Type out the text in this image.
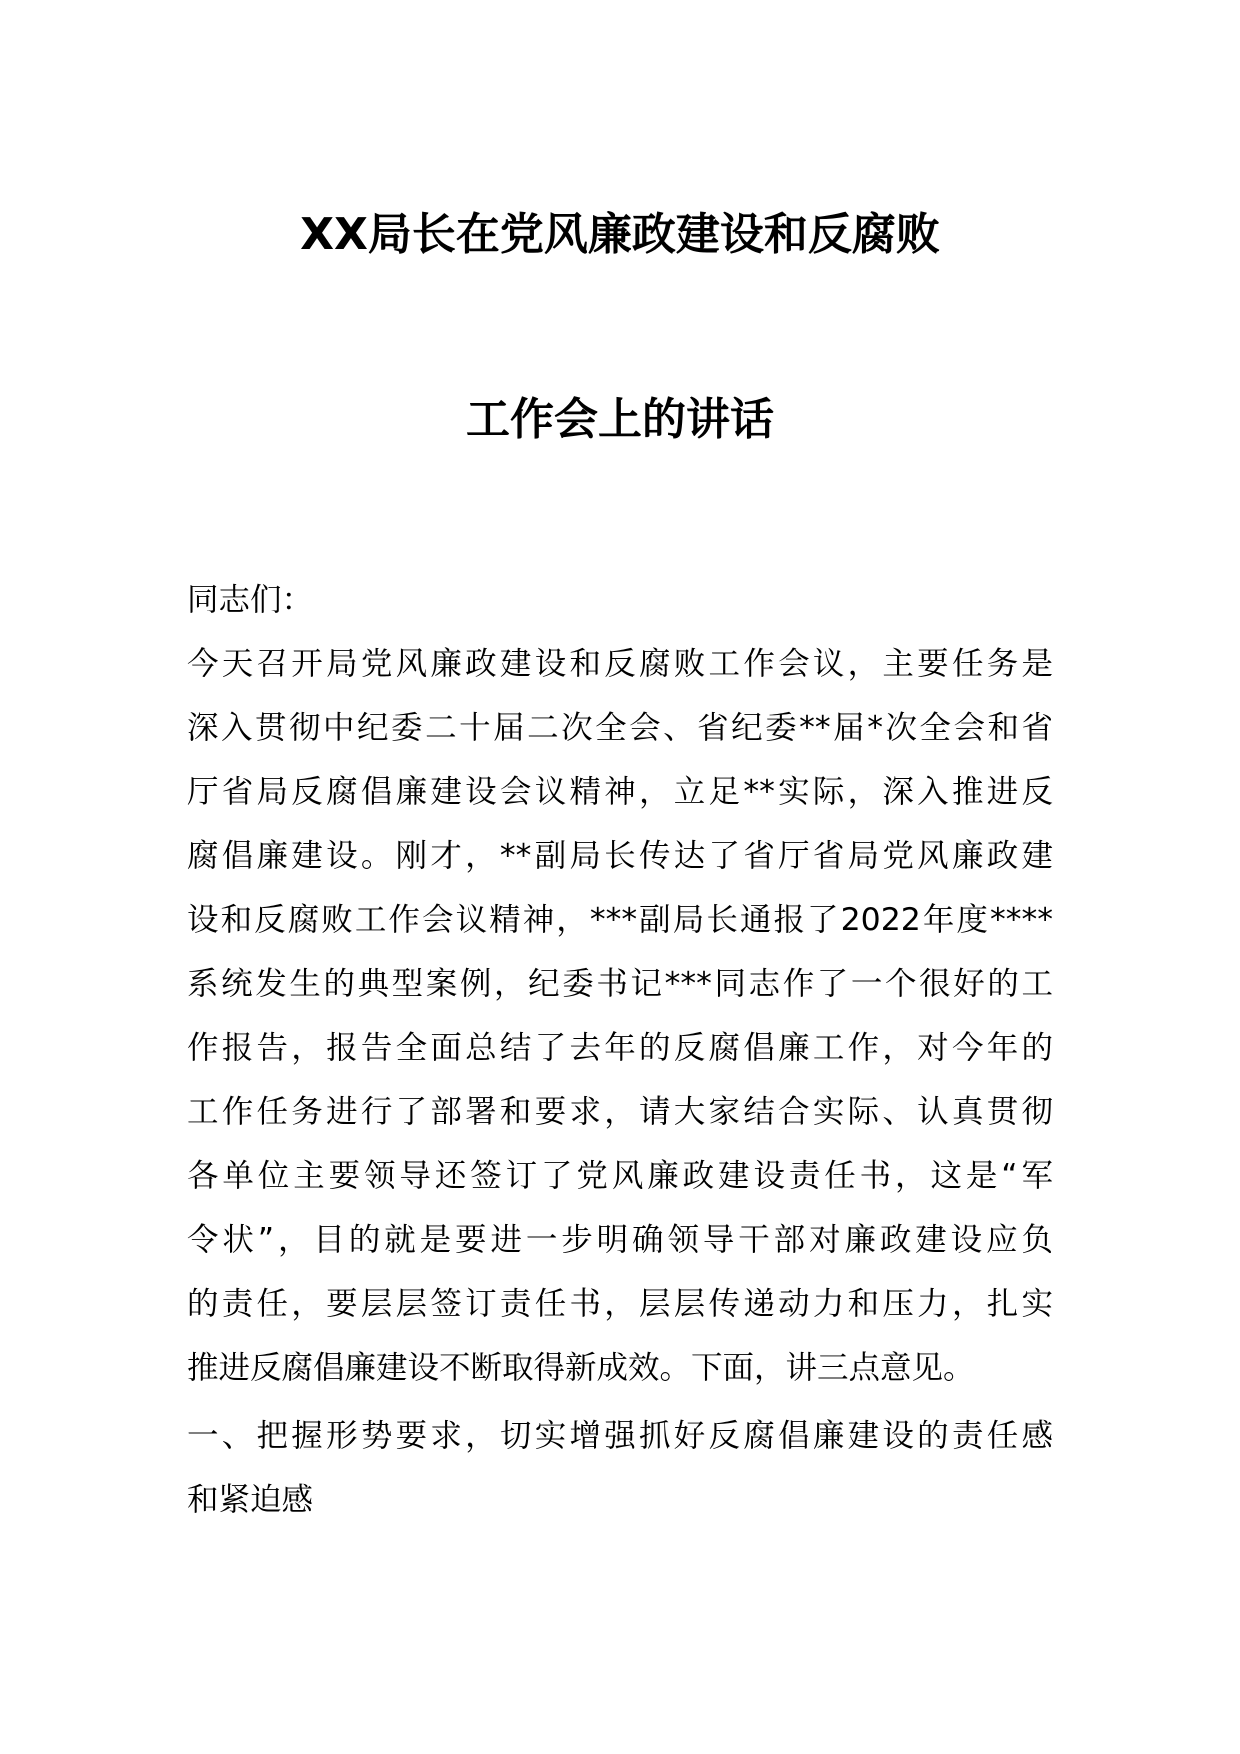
XX局长在党风廉政建设和反腐败
工作会上的讲话

同志们：

今天召开局党风廉政建设和反腐败工作会议，主要任务是
深入贯彻中纪委二十届二次全会、省纪委**届*次全会和省
厅省局反腐倡廉建设会议精神，立足**实际，深入推进反
腐倡廉建设。刚才，**副局长传达了省厅省局党风廉政建
设和反腐败工作会议精神，***副局长通报了2022年度****
系统发生的典型案例，纪委书记***同志作了一个很好的工
作报告，报告全面总结了去年的反腐倡廉工作，对今年的
工作任务进行了部署和要求，请大家结合实际、认真贯彻
各单位主要领导还签订了党风廉政建设责任书，这是“军
令状”，目的就是要进一步明确领导干部对廉政建设应负
的责任，要层层签订责任书，层层传递动力和压力，扎实
推进反腐倡廉建设不断取得新成效。下面，讲三点意见。

一、把握形势要求，切实增强抓好反腐倡廉建设的责任感
和紧迫感
